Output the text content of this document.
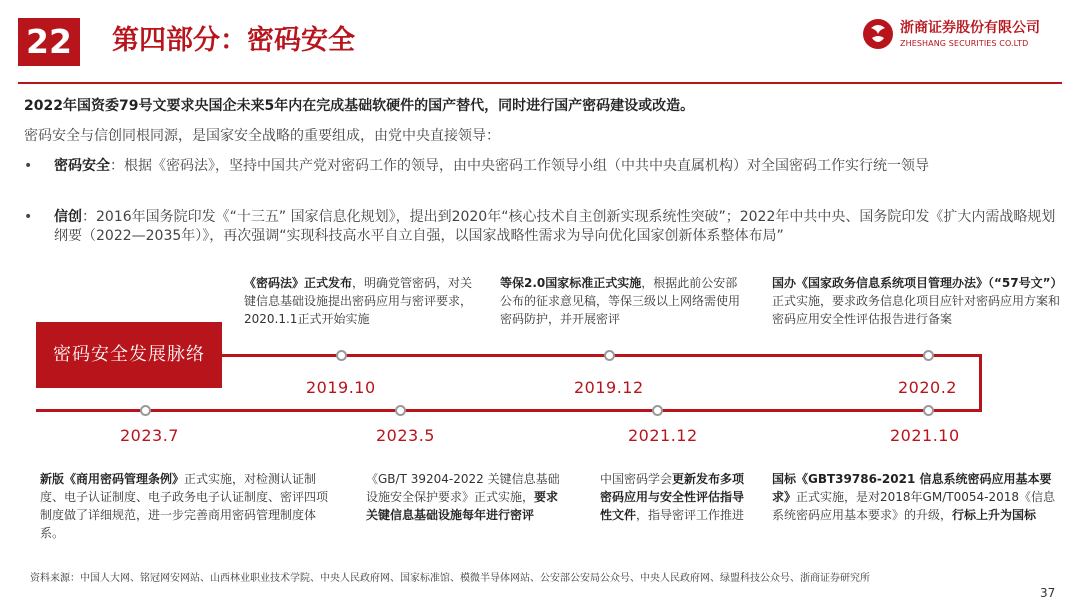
22 第四部分：密码安全	浙商证券股份有限公司
ZHESHANG SECURITIES CO.LTD
2022年国资委79号文要求央国企未来5年内在完成基础软硬件的国产替代，同时进行国产密码建设或改造。
密码安全与信创同根同源，是国家安全战略的重要组成，由党中央直接领导：
• 密码安全：根据《密码法》，坚持中国共产党对密码工作的领导，由中央密码工作领导小组（中共中央直属机构）对全国密码工作实行统一领导
• 信创：2016年国务院印发《“十三五” 国家信息化规划》，提出到2020年“核心技术自主创新实现系统性突破”；2022年中共中央、国务院印发《扩大内需战略规划纲要（2022—2035年）》，再次强调“实现科技高水平自立自强，以国家战略性需求为导向优化国家创新体系整体布局”
密码安全发展脉络
2019.10	2019.12	2020.2
2021.10
2021.12
2023.5
2023.7
《密码法》正式发布，明确党管密码，对关键信息基础设施提出密码应用与密评要求，2020.1.1正式开始实施
等保2.0国家标准正式实施，根据此前公安部公布的征求意见稿，等保三级以上网络需使用密码防护，并开展密评
国办《国家政务信息系统项目管理办法》（“57号文”）正式实施，要求政务信息化项目应针对密码应用方案和密码应用安全性评估报告进行备案
国标《GBT39786-2021 信息系统密码应用基本要求》正式实施，是对2018年GM/T0054-2018《信息系统密码应用基本要求》的升级，行标上升为国标
中国密码学会更新发布多项密码应用与安全性评估指导性文件，指导密评工作推进
《GB/T 39204-2022 关键信息基础设施安全保护要求》正式实施，要求关键信息基础设施每年进行密评
新版《商用密码管理条例》正式实施，对检测认证制度、电子认证制度、电子政务电子认证制度、密评四项制度做了详细规范，进一步完善商用密码管理制度体系。
资料来源：中国人大网、铭冠网安网站、山西林业职业技术学院、中央人民政府网、国家标准馆、模微半导体网站、公安部公安局公众号、中央人民政府网、绿盟科技公众号、浙商证券研究所
37
